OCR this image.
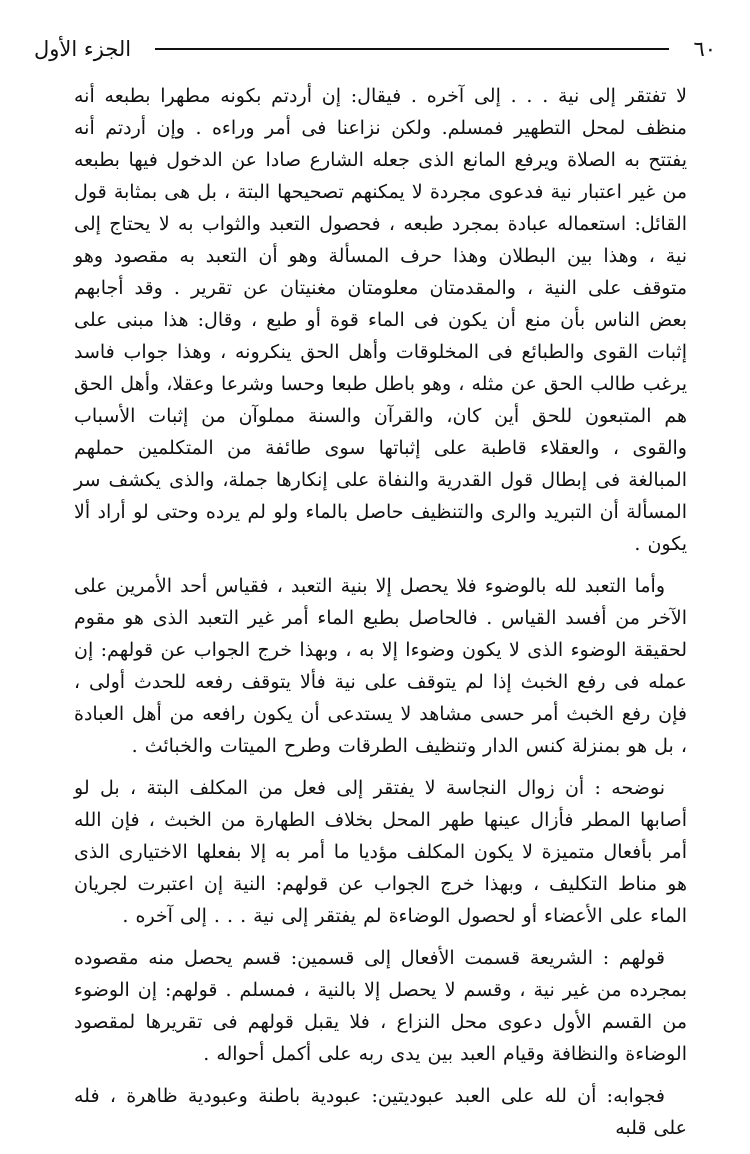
٦٠
الجزء الأول

لا تفتقر إلى نية . . . إلى آخره . فيقال: إن أردتم بكونه مطهرا بطبعه أنه منظف لمحل التطهير فمسلم. ولكن نزاعنا فى أمر وراءه . وإن أردتم أنه يفتتح به الصلاة ويرفع المانع الذى جعله الشارع صادا عن الدخول فيها بطبعه من غير اعتبار نية فدعوى مجردة لا يمكنهم تصحيحها البتة ، بل هى بمثابة قول القائل: استعماله عبادة بمجرد طبعه ، فحصول التعبد والثواب به لا يحتاج إلى نية ، وهذا بين البطلان وهذا حرف المسألة وهو أن التعبد به مقصود وهو متوقف على النية ، والمقدمتان معلومتان مغنيتان عن تقرير . وقد أجابهم بعض الناس بأن منع أن يكون فى الماء قوة أو طبع ، وقال: هذا مبنى على إثبات القوى والطبائع فى المخلوقات وأهل الحق ينكرونه ، وهذا جواب فاسد يرغب طالب الحق عن مثله ، وهو باطل طبعا وحسا وشرعا وعقلا، وأهل الحق هم المتبعون للحق أين كان، والقرآن والسنة مملوآن من إثبات الأسباب والقوى ، والعقلاء قاطبة على إثباتها سوى طائفة من المتكلمين حملهم المبالغة فى إبطال قول القدرية والنفاة على إنكارها جملة، والذى يكشف سر المسألة أن التبريد والرى والتنظيف حاصل بالماء ولو لم يرده وحتى لو أراد ألا يكون .

وأما التعبد لله بالوضوء فلا يحصل إلا بنية التعبد ، فقياس أحد الأمرين على الآخر من أفسد القياس . فالحاصل بطبع الماء أمر غير التعبد الذى هو مقوم لحقيقة الوضوء الذى لا يكون وضوءا إلا به ، وبهذا خرج الجواب عن قولهم: إن عمله فى رفع الخبث إذا لم يتوقف على نية فألا يتوقف رفعه للحدث أولى ، فإن رفع الخبث أمر حسى مشاهد لا يستدعى أن يكون رافعه من أهل العبادة ، بل هو بمنزلة كنس الدار وتنظيف الطرقات وطرح الميتات والخبائث .

نوضحه : أن زوال النجاسة لا يفتقر إلى فعل من المكلف البتة ، بل لو أصابها المطر فأزال عينها طهر المحل بخلاف الطهارة من الخبث ، فإن الله أمر بأفعال متميزة لا يكون المكلف مؤديا ما أمر به إلا بفعلها الاختيارى الذى هو مناط التكليف ، وبهذا خرج الجواب عن قولهم: النية إن اعتبرت لجريان الماء على الأعضاء أو لحصول الوضاءة لم يفتقر إلى نية . . . إلى آخره .

قولهم : الشريعة قسمت الأفعال إلى قسمين: قسم يحصل منه مقصوده بمجرده من غير نية ، وقسم لا يحصل إلا بالنية ، فمسلم . قولهم: إن الوضوء من القسم الأول دعوى محل النزاع ، فلا يقبل قولهم فى تقريرها لمقصود الوضاءة والنظافة وقيام العبد بين يدى ربه على أكمل أحواله .

فجوابه: أن لله على العبد عبوديتين: عبودية باطنة وعبودية ظاهرة ، فله على قلبه
